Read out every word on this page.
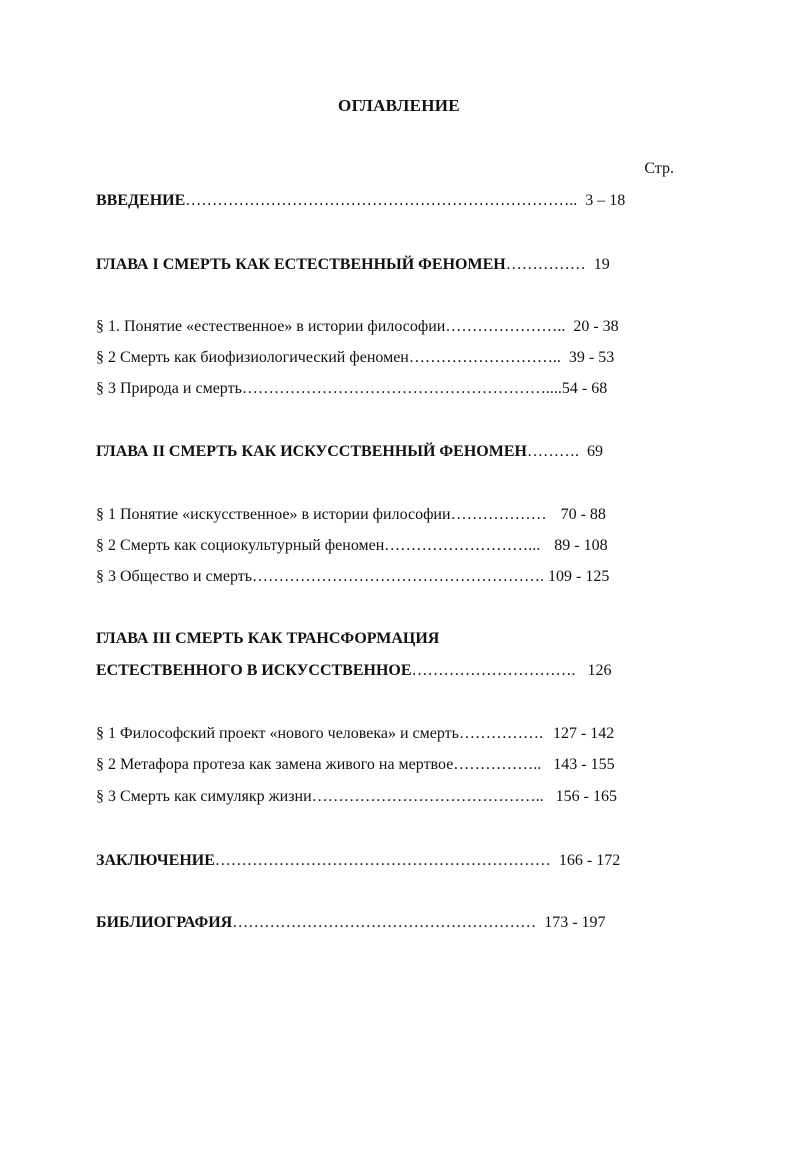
ОГЛАВЛЕНИЕ
Стр.
ВВЕДЕНИЕ……………………………………………………………….. 3 – 18
ГЛАВА I СМЕРТЬ КАК ЕСТЕСТВЕННЫЙ ФЕНОМЕН…………… 19
§ 1. Понятие «естественное» в истории философии………………….. 20 - 38
§ 2 Смерть как биофизиологический феномен……………………….. 39 - 53
§ 3 Природа и смерть…………………………………………………....54 - 68
ГЛАВА II СМЕРТЬ КАК ИСКУССТВЕННЫЙ ФЕНОМЕН………. 69
§ 1 Понятие «искусственное» в истории философии……………… 70 - 88
§ 2 Смерть как социокультурный феномен………………………... 89 - 108
§ 3 Общество и смерть………………………………………………. 109 - 125
ГЛАВА III СМЕРТЬ КАК ТРАНСФОРМАЦИЯ
ЕСТЕСТВЕННОГО В ИСКУССТВЕННОЕ…………………………. 126
§ 1 Философский проект «нового человека» и смерть……………. 127 - 142
§ 2 Метафора протеза как замена живого на мертвое…………….. 143 - 155
§ 3 Смерть как симулякр жизни…………………………………….. 156 - 165
ЗАКЛЮЧЕНИЕ……………………………………………………… 166 - 172
БИБЛИОГРАФИЯ………………………………………………… 173 - 197
